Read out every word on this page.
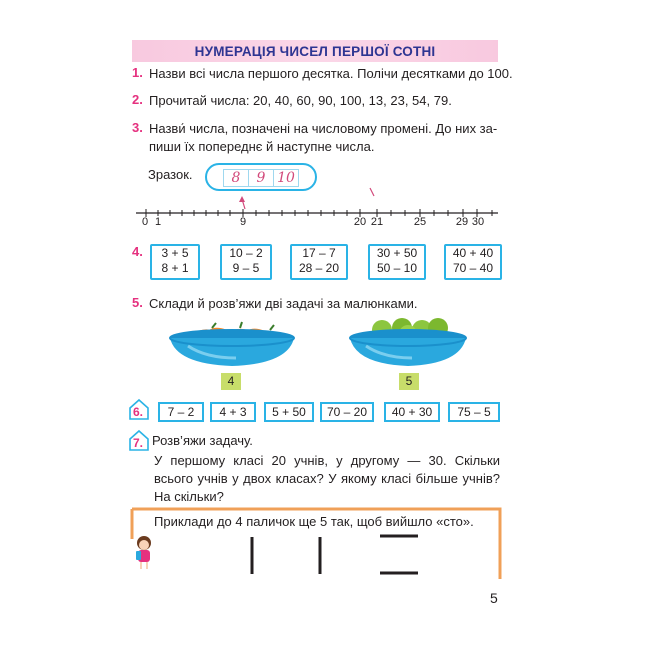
НУМЕРАЦІЯ ЧИСЕЛ ПЕРШОЇ СОТНІ
1. Назви всі числа першого десятка. Полічи десятками до 100.
2. Прочитай числа: 20, 40, 60, 90, 100, 13, 23, 54, 79.
3. Назви́ числа, позначені на числовому промені. До них за-
пиши їх попереднє й наступне числа.
Зразок.	8	9 10
0 1	9	20 21	25	29 30
4.	3 + 5
8 + 1
10 – 2
9 – 5
17 – 7
28 – 20
30 + 50
50 – 10
40 + 40
70 – 40
5. Склади й розв’яжи дві задачі за малюнками.
4	5
6.	7 – 2	4 + 3	5 + 50	70 – 20	40 + 30	75 – 5
7. Розв’яжи задачу.
У першому класі 20 учнів, у другому — 30. Скільки всього учнів у двох класах? У якому класі більше учнів? На скільки?
Приклади до 4 паличок ще 5 так, щоб вийшло «сто».
5
